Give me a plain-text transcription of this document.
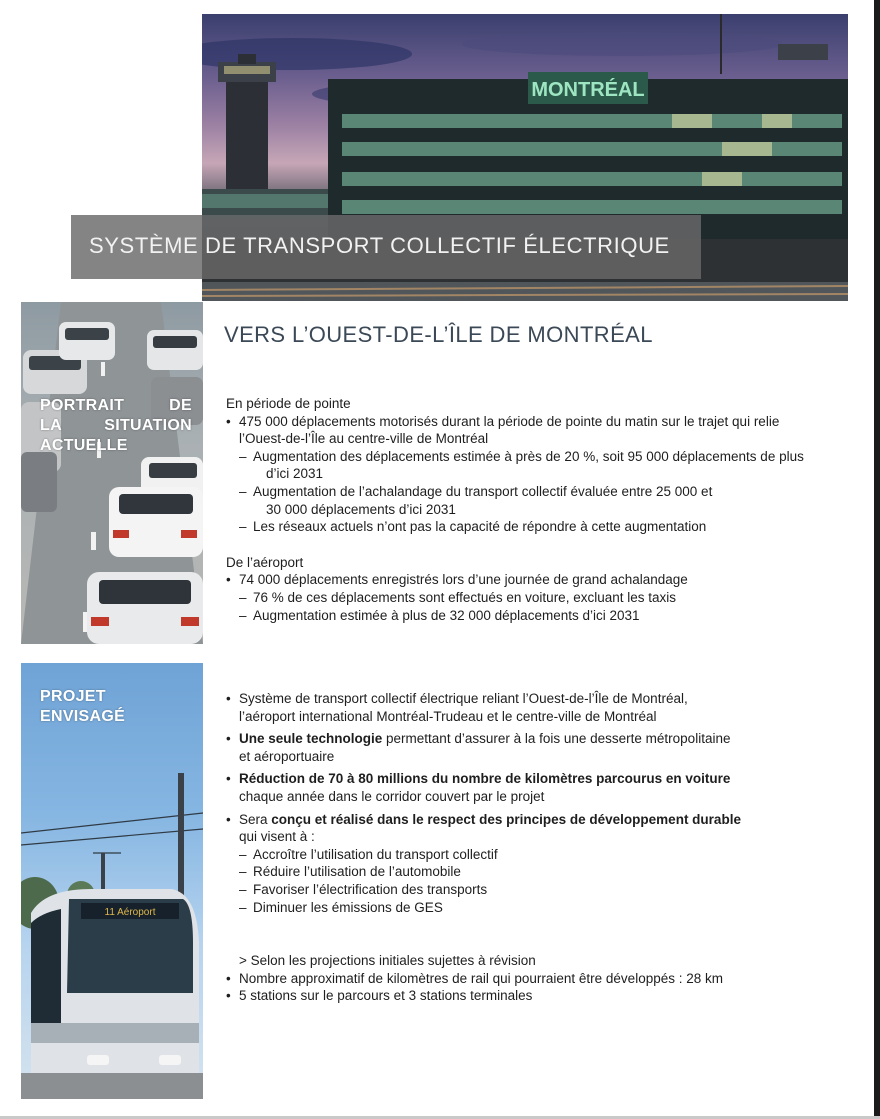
MONTRÉAL
SYSTÈME DE TRANSPORT COLLECTIF ÉLECTRIQUE
PORTRAIT DE
LA SITUATION
ACTUELLE
11 Aéroport
PROJET
ENVISAGÉ
VERS L’OUEST-DE-L’ÎLE DE MONTRÉAL

En période de pointe

• 475 000 déplacements motorisés durant la période de pointe du matin sur le trajet qui relie

l’Ouest-de-l’Île au centre-ville de Montréal

– Augmentation des déplacements estimée à près de 20 %, soit 95 000 déplacements de plus
d’ici 2031
– Augmentation de l’achalandage du transport collectif évaluée entre 25 000 et
30 000 déplacements d’ici 2031
– Les réseaux actuels n’ont pas la capacité de répondre à cette augmentation

De l’aéroport

• 74 000 déplacements enregistrés lors d’une journée de grand achalandage

– 76 % de ces déplacements sont effectués en voiture, excluant les taxis
– Augmentation estimée à plus de 32 000 déplacements d’ici 2031

• Système de transport collectif électrique reliant l’Ouest-de-l’Île de Montréal,

l’aéroport international Montréal-Trudeau et le centre-ville de Montréal

• Une seule technologie permettant d’assurer à la fois une desserte métropolitaine

et aéroportuaire

• Réduction de 70 à 80 millions du nombre de kilomètres parcourus en voiture

chaque année dans le corridor couvert par le projet

• Sera conçu et réalisé dans le respect des principes de développement durable

qui visent à :

– Accroître l’utilisation du transport collectif
– Réduire l’utilisation de l’automobile
– Favoriser l’électrification des transports
– Diminuer les émissions de GES

> Selon les projections initiales sujettes à révision

• Nombre approximatif de kilomètres de rail qui pourraient être développés : 28 km

• 5 stations sur le parcours et 3 stations terminales
